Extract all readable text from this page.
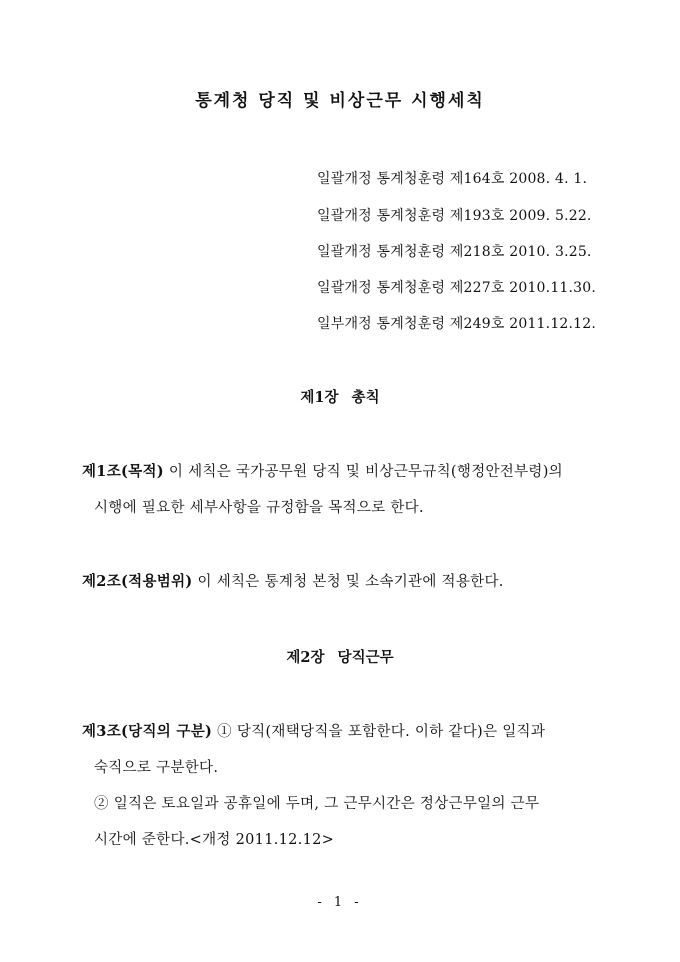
통계청 당직 및 비상근무 시행세칙
일괄개정 통계청훈령 제164호 2008. 4. 1.
일괄개정 통계청훈령 제193호 2009. 5.22.
일괄개정 통계청훈령 제218호 2010. 3.25.
일괄개정 통계청훈령 제227호 2010.11.30.
일부개정 통계청훈령 제249호 2011.12.12.
제1장 총칙
제1조(목적) 이 세칙은 국가공무원 당직 및 비상근무규칙(행정안전부령)의
시행에 필요한 세부사항을 규정함을 목적으로 한다.
제2조(적용범위) 이 세칙은 통계청 본청 및 소속기관에 적용한다.
제2장 당직근무
제3조(당직의 구분) ① 당직(재택당직을 포함한다. 이하 같다)은 일직과
숙직으로 구분한다.
② 일직은 토요일과 공휴일에 두며, 그 근무시간은 정상근무일의 근무
시간에 준한다.<개정 2011.12.12>
- 1 -
